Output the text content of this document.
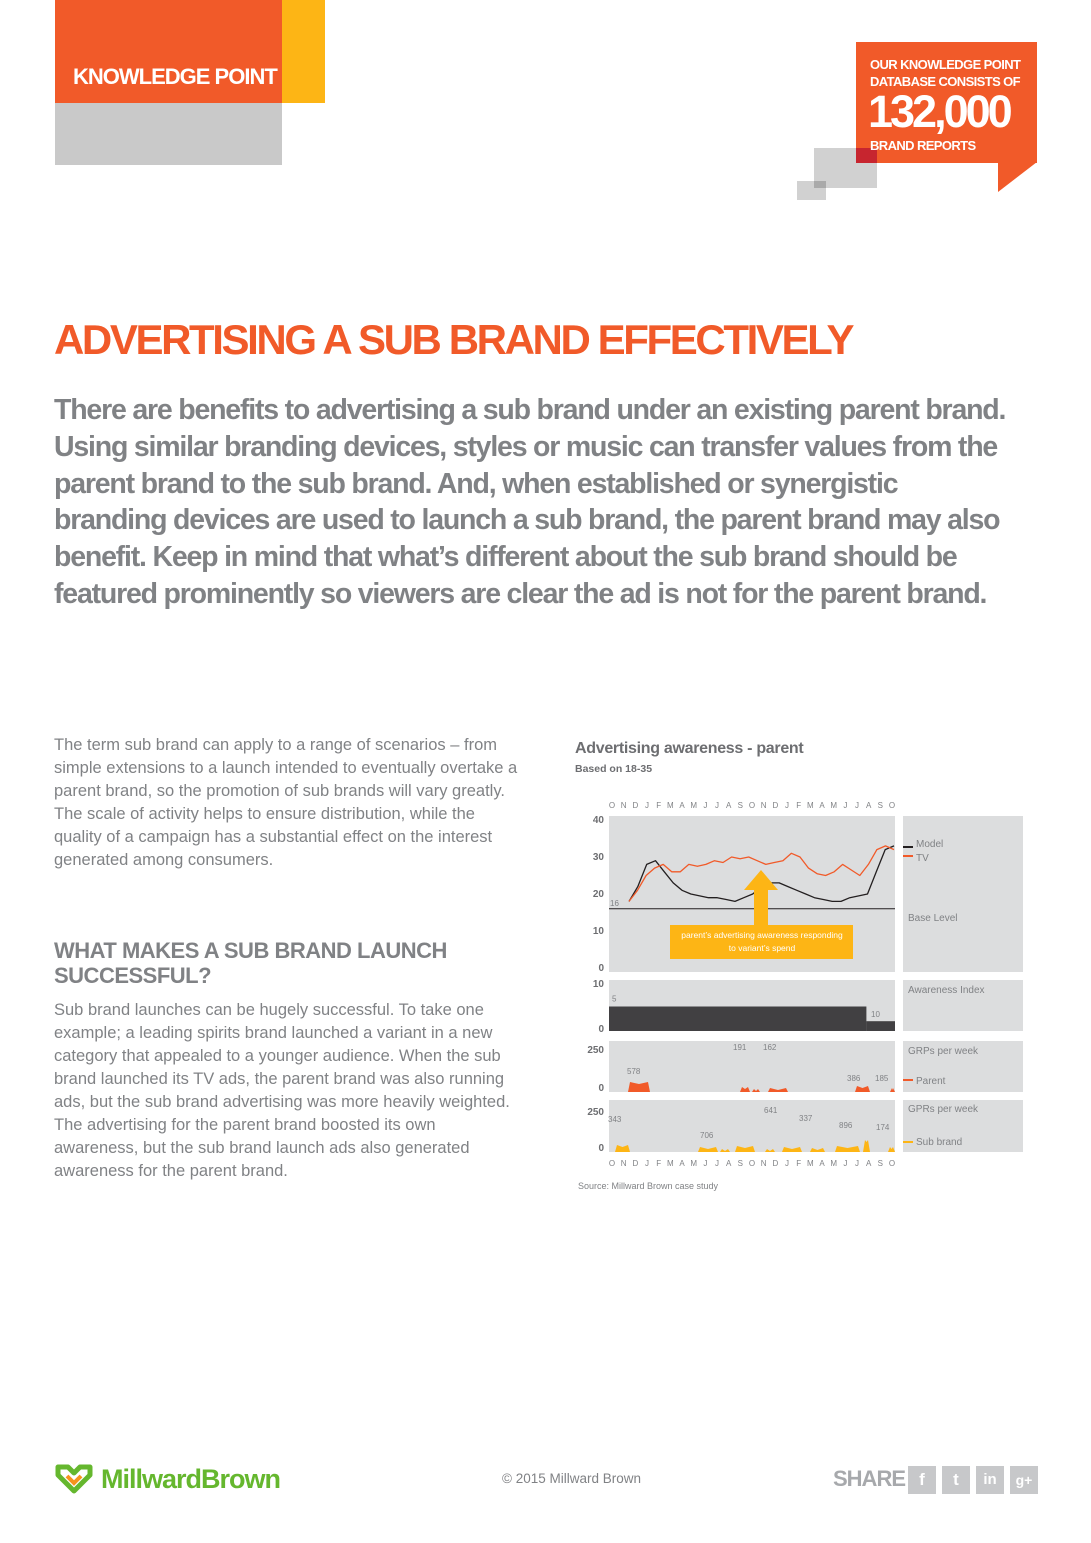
KNOWLEDGE POINT	OUR KNOWLEDGE POINT
DATABASE CONSISTS OF
132,000
BRAND REPORTS
ADVERTISING A SUB BRAND EFFECTIVELY

There are benefits to advertising a sub brand under an existing parent brand. Using similar branding devices, styles or music can transfer values from the parent brand to the sub brand. And, when established or synergistic branding devices are used to launch a sub brand, the parent brand may also benefit. Keep in mind that what’s different about the sub brand should be featured prominently so viewers are clear the ad is not for the parent brand.

The term sub brand can apply to a range of scenarios – from simple extensions to a launch intended to eventually overtake a parent brand, so the promotion of sub brands will vary greatly. The scale of activity helps to ensure distribution, while the quality of a campaign has a substantial effect on the interest generated among consumers.

WHAT MAKES A SUB BRAND LAUNCH SUCCESSFUL?

Sub brand launches can be hugely successful. To take one example; a leading spirits brand launched a variant in a new category that appealed to a younger audience. When the sub brand launched its TV ads, the parent brand was also running ads, but the sub brand advertising was more heavily weighted. The advertising for the parent brand boosted its own awareness, but the sub brand launch ads also generated awareness for the parent brand.

Advertising awareness - parent
Based on 18-35
O
O
N
N
D
D
J
J
F
F
M
M
A
A
M
M
J
J
J
J
A
A
S
S
O
O
N
N
D
D
J
J
F
F
M
M
A
A
M
M
J
J
J
J
A
A
S
S
O
O
0
10
20
30
40
16
parent’s advertising awareness responding
to variant’s spend
Model
TV
Base Level
0
10
5
10
Awareness Index
250
0
578
191 162
386 185
GRPs per week
Parent
250
0
343
706
641
337
896	174
GPRs per week
Sub brand
Source: Millward Brown case study
MillwardBrown	© 2015 Millward Brown	SHARE f	t	in	g+
